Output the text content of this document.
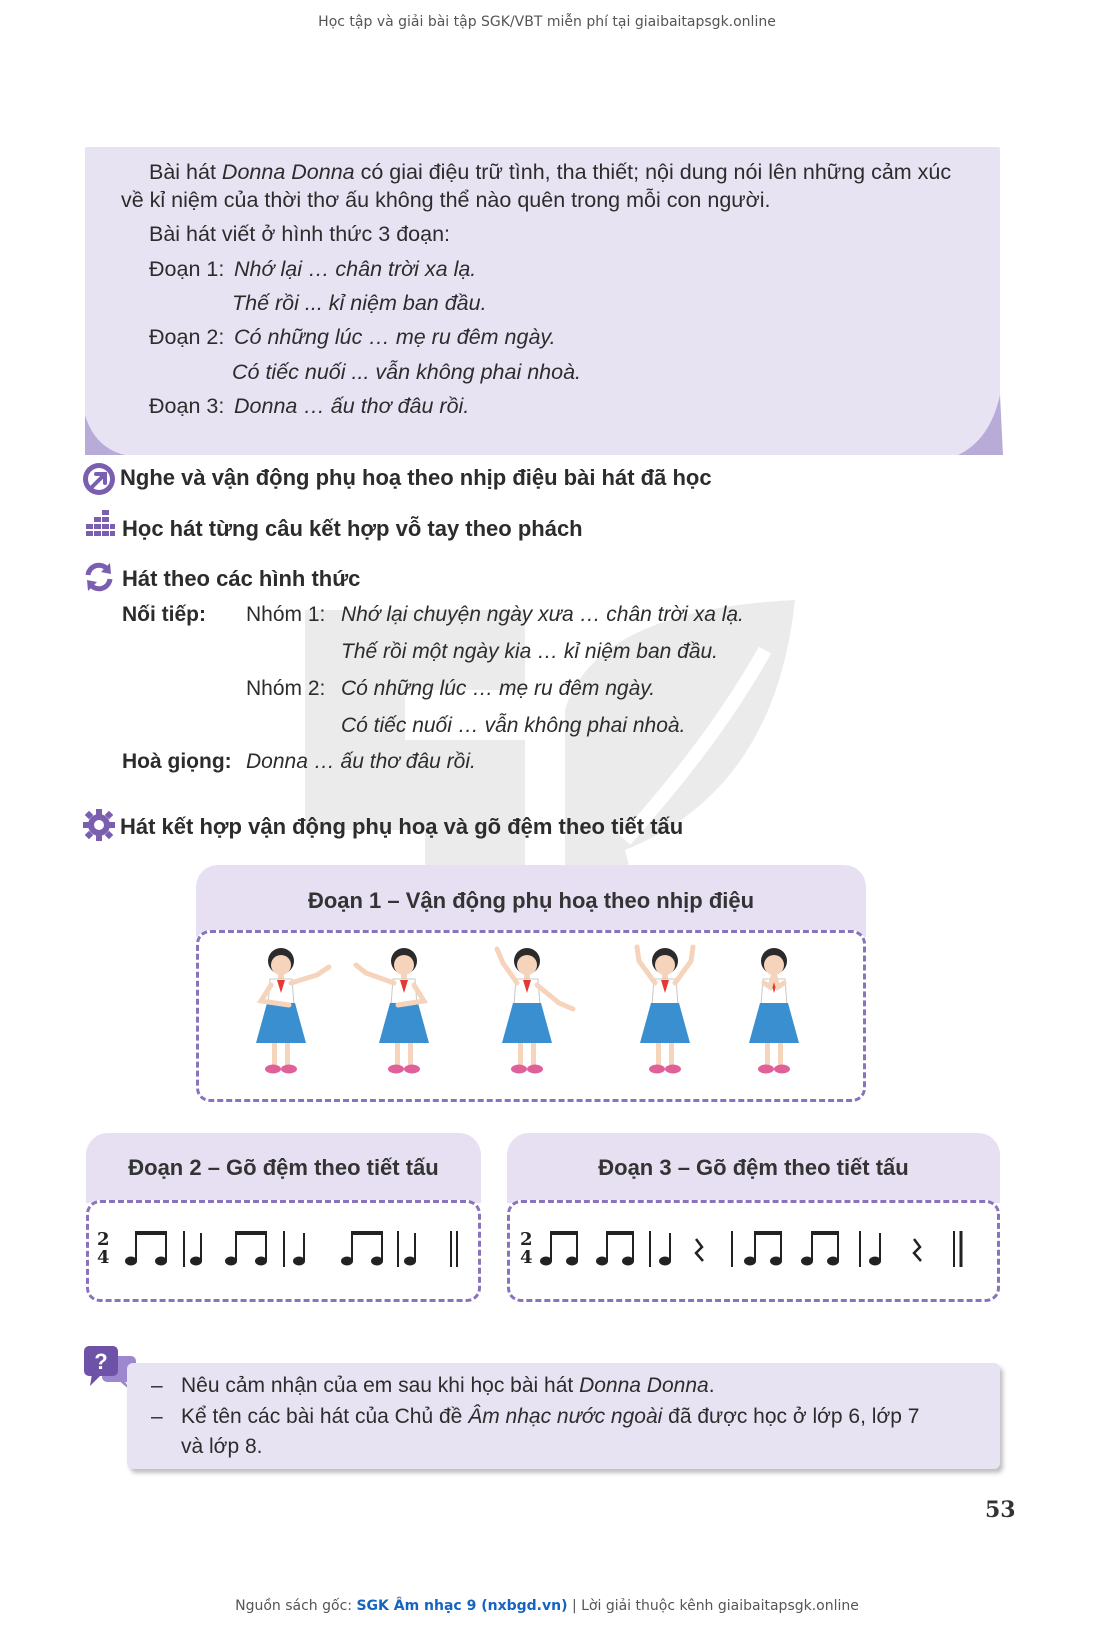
Học tập và giải bài tập SGK/VBT miễn phí tại giaibaitapsgk.online
Bài hát Donna Donna có giai điệu trữ tình, tha thiết; nội dung nói lên những cảm xúc
về kỉ niệm của thời thơ ấu không thể nào quên trong mỗi con người.
Bài hát viết ở hình thức 3 đoạn:
Đoạn 1: Nhớ lại … chân trời xa lạ.
Thế rồi ... kỉ niệm ban đầu.
Đoạn 2: Có những lúc … mẹ ru đêm ngày.
Có tiếc nuối ... vẫn không phai nhoà.
Đoạn 3: Donna … ấu thơ đâu rồi.
Nghe và vận động phụ hoạ theo nhịp điệu bài hát đã học
Học hát từng câu kết hợp vỗ tay theo phách
Hát theo các hình thức
Nối tiếp: Nhóm 1: Nhớ lại chuyện ngày xưa … chân trời xa lạ.
Thế rồi một ngày kia … kỉ niệm ban đầu.
Nhóm 2: Có những lúc … mẹ ru đêm ngày.
Có tiếc nuối … vẫn không phai nhoà.
Hoà giọng: Donna … ấu thơ đâu rồi.
Hát kết hợp vận động phụ hoạ và gõ đệm theo tiết tấu
Đoạn 1 – Vận động phụ hoạ theo nhịp điệu
Đoạn 2 – Gõ đệm theo tiết tấu
2
4
Đoạn 3 – Gõ đệm theo tiết tấu
2
4
?
– Nêu cảm nhận của em sau khi học bài hát Donna Donna.
– Kể tên các bài hát của Chủ đề Âm nhạc nước ngoài đã được học ở lớp 6, lớp 7
và lớp 8.
53
Nguồn sách gốc: SGK Âm nhạc 9 (nxbgd.vn) | Lời giải thuộc kênh giaibaitapsgk.online
